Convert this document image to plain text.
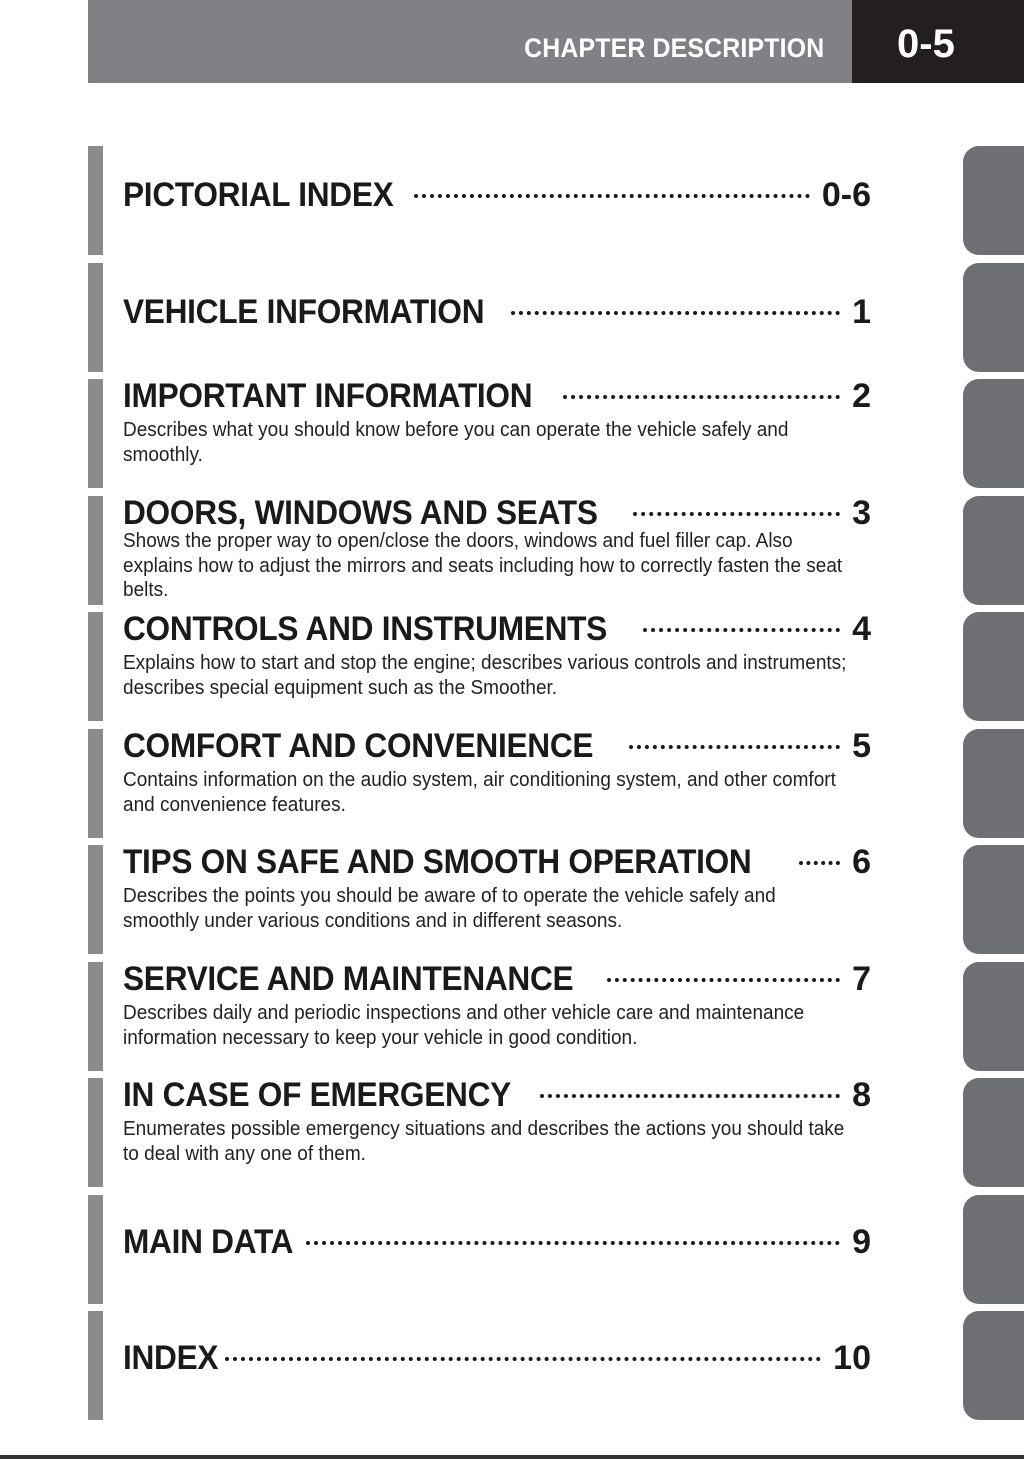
CHAPTER DESCRIPTION 0-5
PICTORIAL INDEX	0-6
VEHICLE INFORMATION	1
IMPORTANT INFORMATION	2
Describes what you should know before you can operate the vehicle safely and smoothly.
DOORS, WINDOWS AND SEATS	3
Shows the proper way to open/close the doors, windows and fuel filler cap. Also explains how to adjust the mirrors and seats including how to correctly fasten the seat belts.
CONTROLS AND INSTRUMENTS	4
Explains how to start and stop the engine; describes various controls and instruments; describes special equipment such as the Smoother.
COMFORT AND CONVENIENCE	5
Contains information on the audio system, air conditioning system, and other comfort and convenience features.
TIPS ON SAFE AND SMOOTH OPERATION	6
Describes the points you should be aware of to operate the vehicle safely and smoothly under various conditions and in different seasons.
SERVICE AND MAINTENANCE	7
Describes daily and periodic inspections and other vehicle care and maintenance information necessary to keep your vehicle in good condition.
IN CASE OF EMERGENCY	8
Enumerates possible emergency situations and describes the actions you should take to deal with any one of them.
MAIN DATA	9
INDEX	10
